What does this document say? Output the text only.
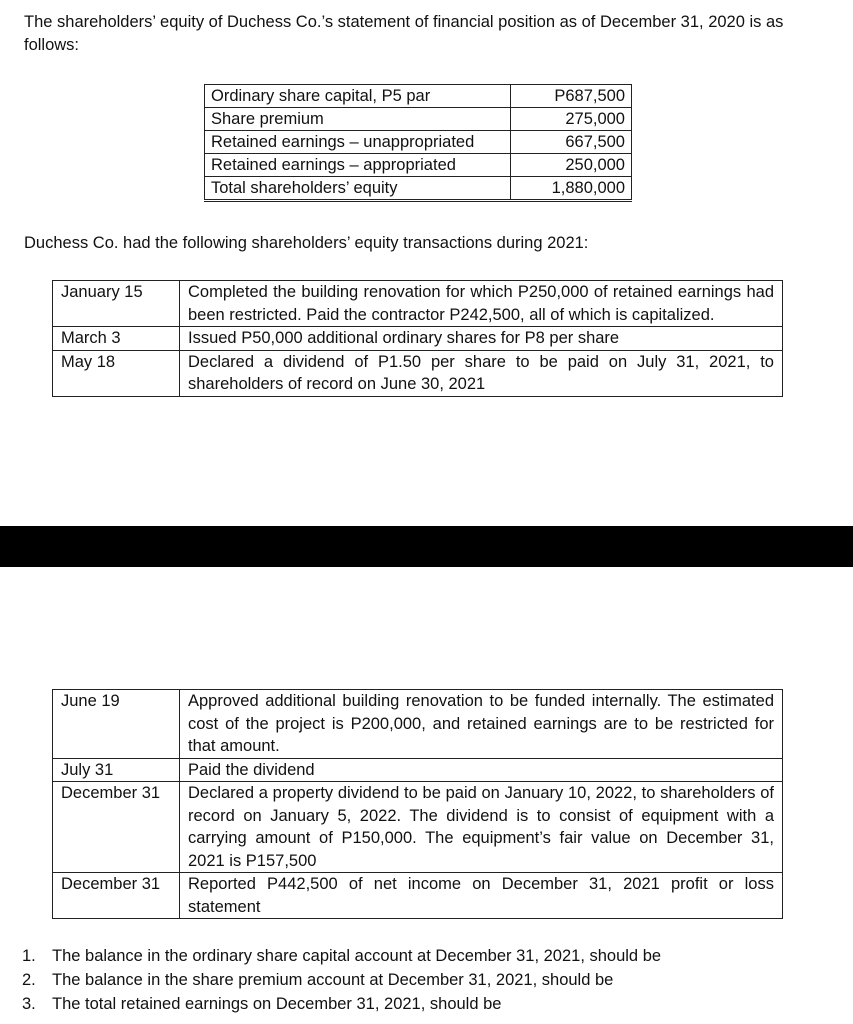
The shareholders’ equity of Duchess Co.’s statement of financial position as of December 31, 2020 is as follows:

Ordinary share capital, P5 par	P687,500
Share premium	275,000
Retained earnings – unappropriated	667,500
Retained earnings – appropriated	250,000
Total shareholders’ equity	1,880,000

Duchess Co. had the following shareholders’ equity transactions during 2021:

January 15	Completed the building renovation for which P250,000 of retained earnings had been restricted. Paid the contractor P242,500, all of which is capitalized.
March 3	Issued P50,000 additional ordinary shares for P8 per share
May 18	Declared a dividend of P1.50 per share to be paid on July 31, 2021, to shareholders of record on June 30, 2021
June 19	Approved additional building renovation to be funded internally. The estimated cost of the project is P200,000, and retained earnings are to be restricted for that amount.
July 31	Paid the dividend
December 31	Declared a property dividend to be paid on January 10, 2022, to shareholders of record on January 5, 2022. The dividend is to consist of equipment with a carrying amount of P150,000. The equipment’s fair value on December 31, 2021 is P157,500
December 31	Reported P442,500 of net income on December 31, 2021 profit or loss statement
1. The balance in the ordinary share capital account at December 31, 2021, should be
2. The balance in the share premium account at December 31, 2021, should be
3. The total retained earnings on December 31, 2021, should be
